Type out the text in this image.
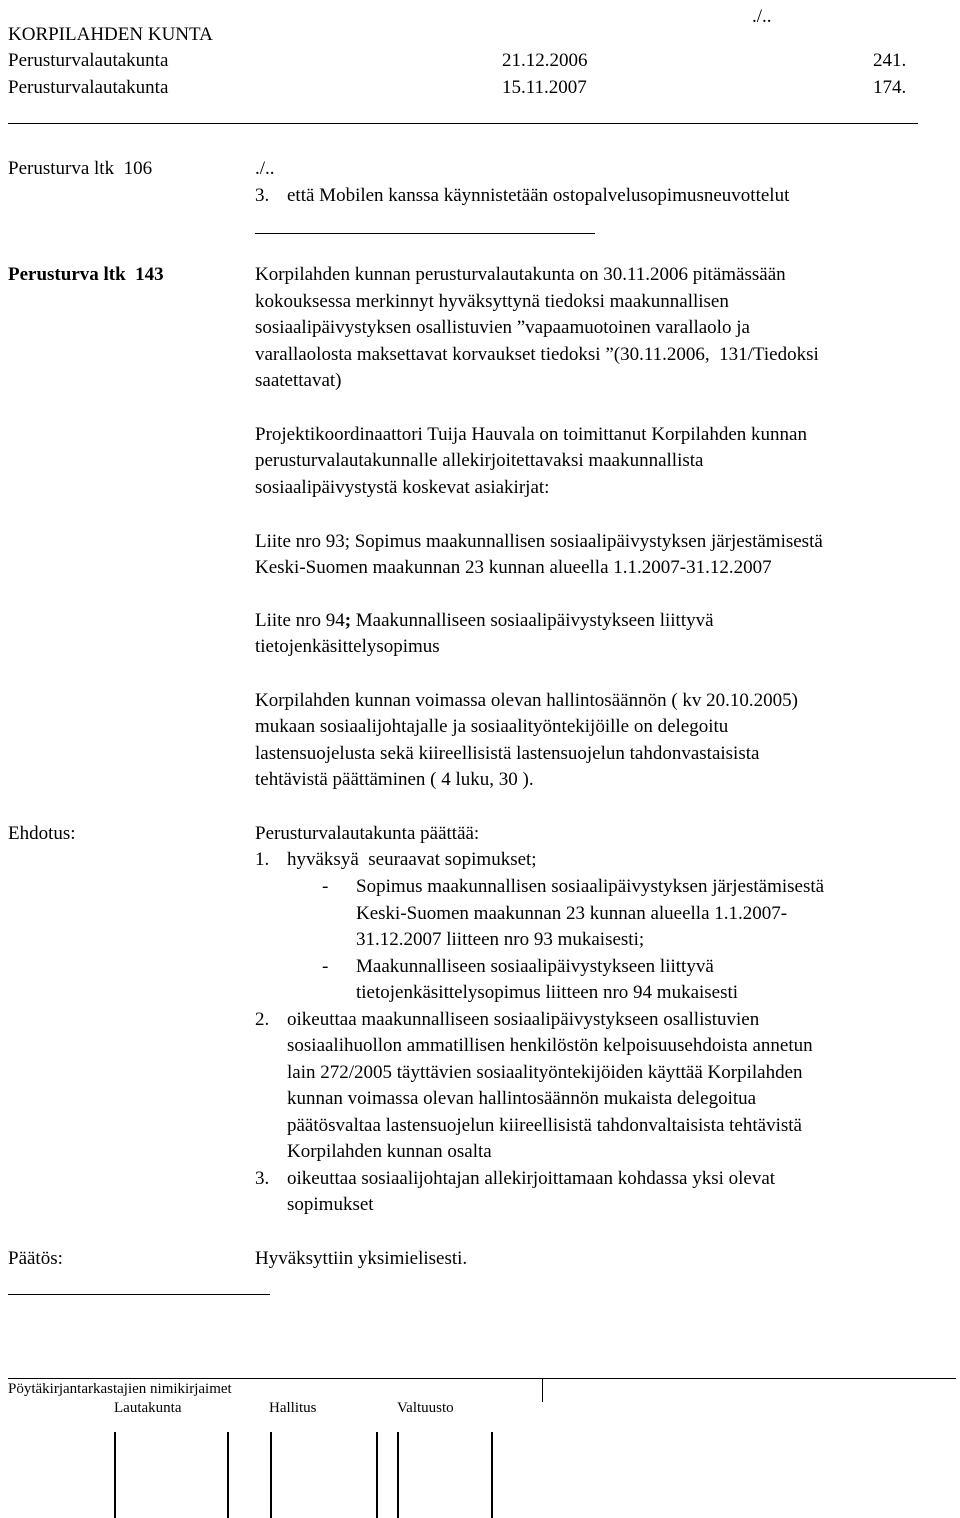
./..
KORPILAHDEN KUNTA
Perusturvalautakunta	21.12.2006	241.
Perusturvalautakunta	15.11.2007	174.
Perusturva ltk  106	./..
3. että Mobilen kanssa käynnistetään ostopalvelusopimusneuvottelut
Perusturva ltk  143	Korpilahden kunnan perusturvalautakunta on 30.11.2006 pitämässään
kokouksessa merkinnyt hyväksyttynä tiedoksi maakunnallisen
sosiaalipäivystyksen osallistuvien ”vapaamuotoinen varallaolo ja
varallaolosta maksettavat korvaukset tiedoksi ”(30.11.2006,  131/Tiedoksi
saatettavat)
Projektikoordinaattori Tuija Hauvala on toimittanut Korpilahden kunnan
perusturvalautakunnalle allekirjoitettavaksi maakunnallista
sosiaalipäivystystä koskevat asiakirjat:
Liite nro 93; Sopimus maakunnallisen sosiaalipäivystyksen järjestämisestä
Keski-Suomen maakunnan 23 kunnan alueella 1.1.2007-31.12.2007
Liite nro 94; Maakunnalliseen sosiaalipäivystykseen liittyvä
tietojenkäsittelysopimus
Korpilahden kunnan voimassa olevan hallintosäännön ( kv 20.10.2005)
mukaan sosiaalijohtajalle ja sosiaalityöntekijöille on delegoitu
lastensuojelusta sekä kiireellisistä lastensuojelun tahdonvastaisista
tehtävistä päättäminen ( 4 luku, 30 ).
Ehdotus:	Perusturvalautakunta päättää:
1. hyväksyä  seuraavat sopimukset;
- Sopimus maakunnallisen sosiaalipäivystyksen järjestämisestä
Keski-Suomen maakunnan 23 kunnan alueella 1.1.2007-
31.12.2007 liitteen nro 93 mukaisesti;
- Maakunnalliseen sosiaalipäivystykseen liittyvä
tietojenkäsittelysopimus liitteen nro 94 mukaisesti
2. oikeuttaa maakunnalliseen sosiaalipäivystykseen osallistuvien
sosiaalihuollon ammatillisen henkilöstön kelpoisuusehdoista annetun
lain 272/2005 täyttävien sosiaalityöntekijöiden käyttää Korpilahden
kunnan voimassa olevan hallintosäännön mukaista delegoitua
päätösvaltaa lastensuojelun kiireellisistä tahdonvaltaisista tehtävistä
Korpilahden kunnan osalta
3. oikeuttaa sosiaalijohtajan allekirjoittamaan kohdassa yksi olevat
sopimukset
Päätös:	Hyväksyttiin yksimielisesti.
Pöytäkirjantarkastajien nimikirjaimet
Lautakunta	Hallitus	Valtuusto
